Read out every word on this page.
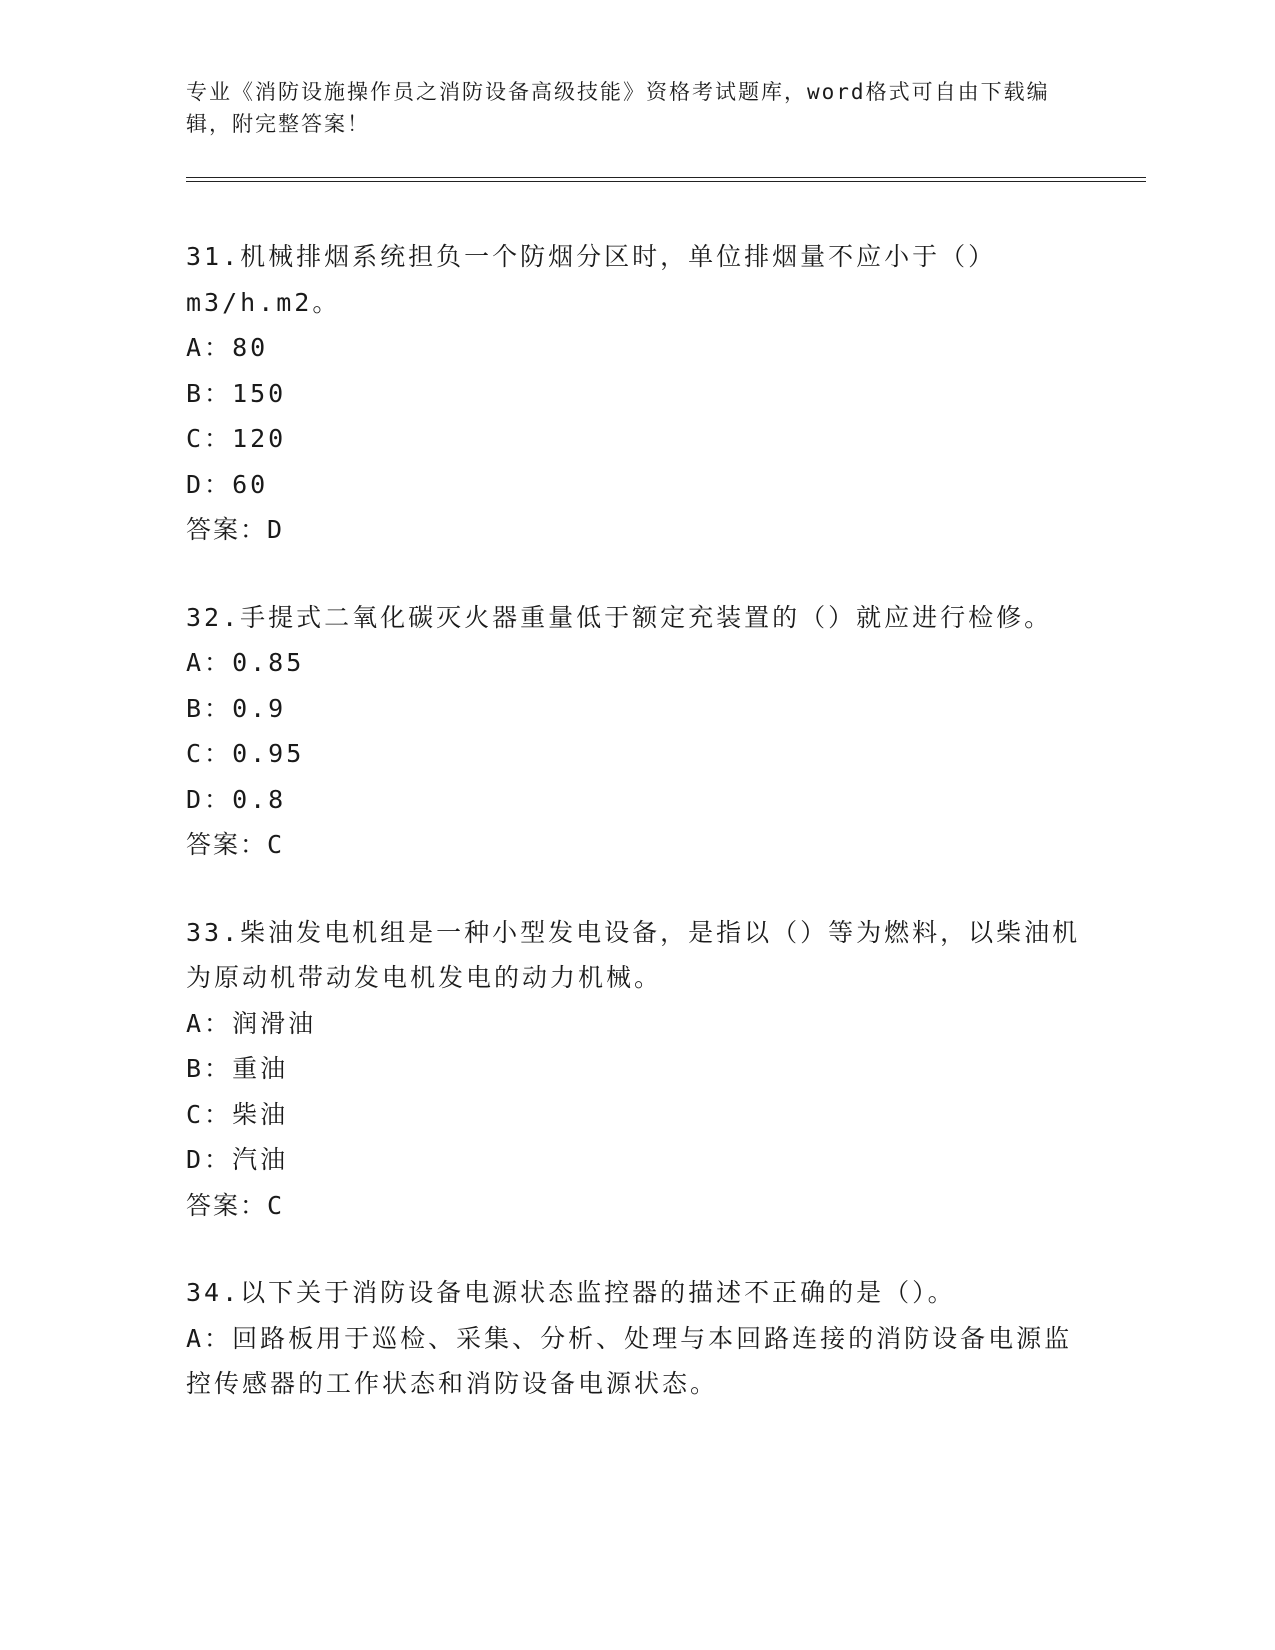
专业《消防设施操作员之消防设备高级技能》资格考试题库，word格式可自由下载编辑，附完整答案！
31.机械排烟系统担负一个防烟分区时，单位排烟量不应小于（）m3/h.m2。
A：80
B：150
C：120
D：60
答案：D
32.手提式二氧化碳灭火器重量低于额定充装置的（）就应进行检修。
A：0.85
B：0.9
C：0.95
D：0.8
答案：C
33.柴油发电机组是一种小型发电设备，是指以（）等为燃料，以柴油机为原动机带动发电机发电的动力机械。
A：润滑油
B：重油
C：柴油
D：汽油
答案：C
34.以下关于消防设备电源状态监控器的描述不正确的是（）。
A：回路板用于巡检、采集、分析、处理与本回路连接的消防设备电源监控传感器的工作状态和消防设备电源状态。
